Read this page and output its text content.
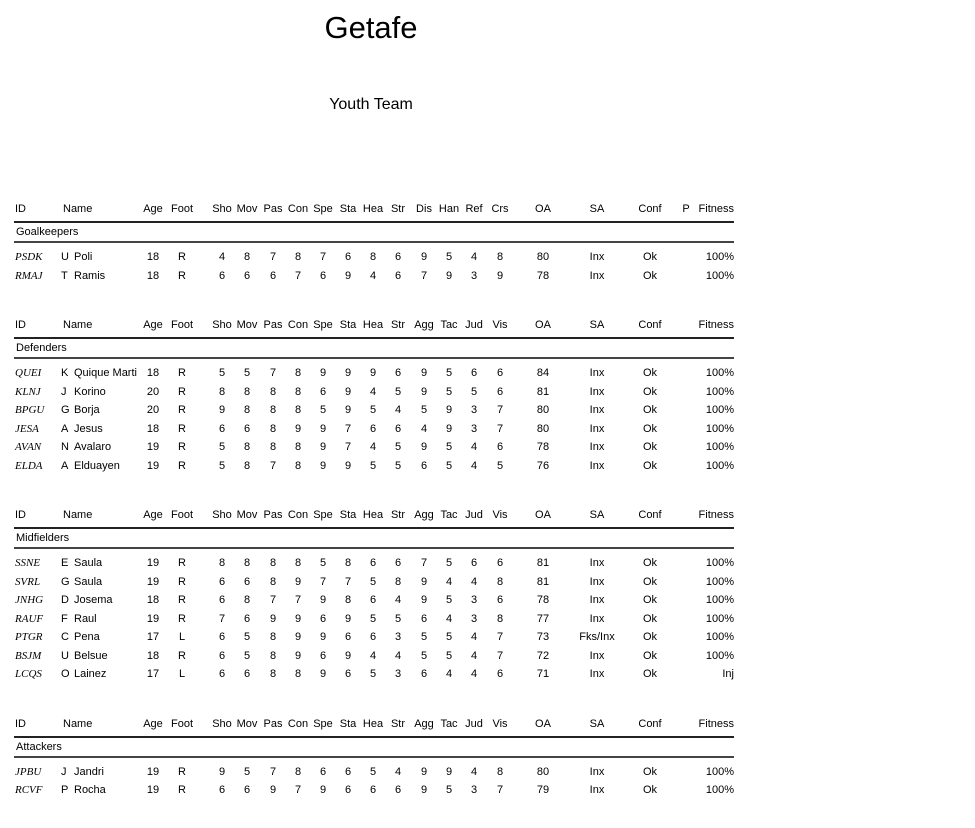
Getafe
Youth Team
ID	Name	Age Foot Sho Mov Pas Con Spe Sta Hea Str Dis Han Ref Crs OA	SA	Conf P Fitness
Goalkeepers
PSDK U Poli	18 R	4 8 7 8 7 6 8 6 9 5 4 8	80	Inx	Ok	100%
RMAJ T Ramis	18 R	6 6 6 7 6 9 4 6 7 9 3 9	78	Inx	Ok	100%
ID	Name	Age Foot Sho Mov Pas Con Spe Sta Hea Str Agg Tac Jud Vis	OA	SA	Conf	Fitness
Defenders
QUEI K Quique Marti 18 R	5 5 7 8 9 9 9 6 9 5 6 6	84	Inx	Ok	100%
KLNJ J Korino	20 R	8 8 8 8 6 9 4 5 9 5 5 6	81	Inx	Ok	100%
BPGU G Borja	20 R	9 8 8 8 5 9 5 4 5 9 3 7	80	Inx	Ok	100%
JESA A Jesus	18 R	6 6 8 9 9 7 6 6 4 9 3 7	80	Inx	Ok	100%
AVAN N Avalaro	19 R	5 8 8 8 9 7 4 5 9 5 4 6	78	Inx	Ok	100%
ELDA A Elduayen 19 R	5 8 7 8 9 9 5 5 6 5 4 5	76	Inx	Ok	100%
ID	Name	Age Foot Sho Mov Pas Con Spe Sta Hea Str Agg Tac Jud Vis	OA	SA	Conf	Fitness
Midfielders
SSNE E Saula	19 R	8 8 8 8 5 8 6 6 7 5 6 6	81	Inx	Ok	100%
SVRL G Saula	19 R	6 6 8 9 7 7 5 8 9 4 4 8	81	Inx	Ok	100%
JNHG D Josema	18 R	6 8 7 7 9 8 6 4 9 5 3 6	78	Inx	Ok	100%
RAUF F Raul	19 R	7 6 9 9 6 9 5 5 6 4 3 8	77	Inx	Ok	100%
PTGR C Pena	17 L	6 5 8 9 9 6 6 3 5 5 4 7	73	Fks/Inx	Ok	100%
BSJM U Belsue	18 R	6 5 8 9 6 9 4 4 5 5 4 7	72	Inx	Ok	100%
LCQS O Lainez	17 L	6 6 8 8 9 6 5 3 6 4 4 6	71	Inx	Ok	Inj
ID	Name	Age Foot Sho Mov Pas Con Spe Sta Hea Str Agg Tac Jud Vis	OA	SA	Conf	Fitness
Attackers
JPBU J Jandri	19 R	9 5 7 8 6 6 5 4 9 9 4 8	80	Inx	Ok	100%
RCVF P Rocha	19 R	6 6 9 7 9 6 6 6 9 5 3 7	79	Inx	Ok	100%
